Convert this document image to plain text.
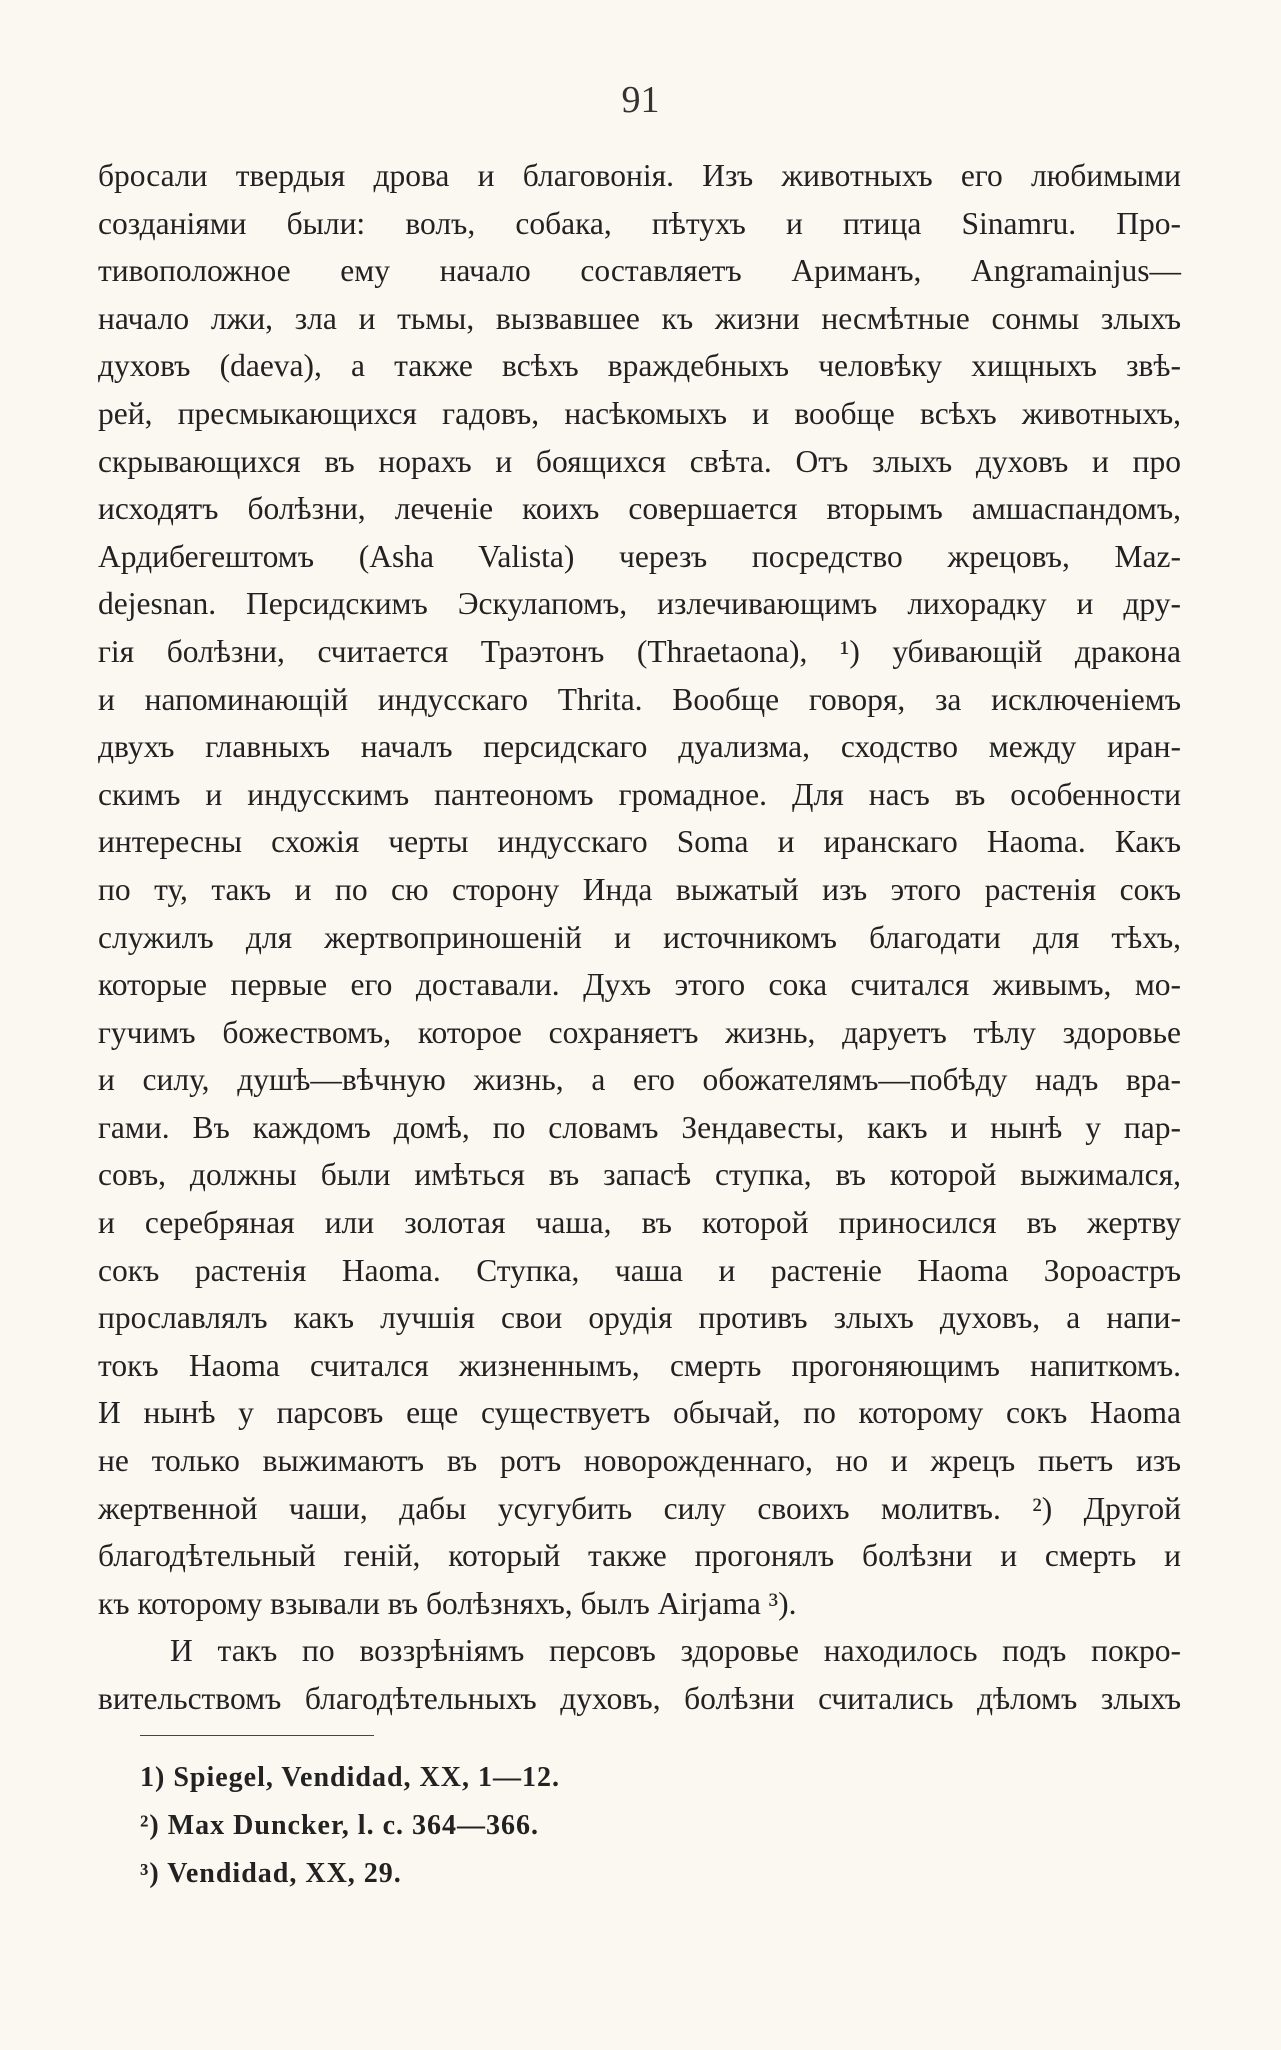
91
бросали твердыя дрова и благовонія. Изъ животныхъ его любимыми
созданіями были: волъ, собака, пѣтухъ и птица Sinamru. Про-
тивоположное ему начало составляетъ Ариманъ, Angramainjus—
начало лжи, зла и тьмы, вызвавшее къ жизни несмѣтные сонмы злыхъ
духовъ (daeva), а также всѣхъ враждебныхъ человѣку хищныхъ звѣ-
рей, пресмыкающихся гадовъ, насѣкомыхъ и вообще всѣхъ животныхъ,
скрывающихся въ норахъ и боящихся свѣта. Отъ злыхъ духовъ и про
исходятъ болѣзни, леченіе коихъ совершается вторымъ амшаспандомъ,
Ардибегештомъ (Asha Valista) черезъ посредство жрецовъ, Maz-
dejesnan. Персидскимъ Эскулапомъ, излечивающимъ лихорадку и дру-
гія болѣзни, считается Траэтонъ (Thraetaona), ¹) убивающій дракона
и напоминающій индусскаго Thrita. Вообще говоря, за исключеніемъ
двухъ главныхъ началъ персидскаго дуализма, сходство между иран-
скимъ и индусскимъ пантеономъ громадное. Для насъ въ особенности
интересны схожія черты индусскаго Soma и иранскаго Haoma. Какъ
по ту, такъ и по сю сторону Инда выжатый изъ этого растенія сокъ
служилъ для жертвоприношеній и источникомъ благодати для тѣхъ,
которые первые его доставали. Духъ этого сока считался живымъ, мо-
гучимъ божествомъ, которое сохраняетъ жизнь, даруетъ тѣлу здоровье
и силу, душѣ—вѣчную жизнь, а его обожателямъ—побѣду надъ вра-
гами. Въ каждомъ домѣ, по словамъ Зендавесты, какъ и нынѣ у пар-
совъ, должны были имѣться въ запасѣ ступка, въ которой выжимался,
и серебряная или золотая чаша, въ которой приносился въ жертву
сокъ растенія Haoma. Ступка, чаша и растеніе Haoma Зороастръ
прославлялъ какъ лучшія свои орудія противъ злыхъ духовъ, а напи-
токъ Haoma считался жизненнымъ, смерть прогоняющимъ напиткомъ.
И нынѣ у парсовъ еще существуетъ обычай, по которому сокъ Haoma
не только выжимаютъ въ ротъ новорожденнаго, но и жрецъ пьетъ изъ
жертвенной чаши, дабы усугубить силу своихъ молитвъ. ²) Другой
благодѣтельный геній, который также прогонялъ болѣзни и смерть и
къ которому взывали въ болѣзняхъ, былъ Airjama ³).
И такъ по воззрѣніямъ персовъ здоровье находилось подъ покро-
вительствомъ благодѣтельныхъ духовъ, болѣзни считались дѣломъ злыхъ
1) Spiegel, Vendidad, XX, 1—12.
²) Max Duncker, l. c. 364—366.
³) Vendidad, XX, 29.
